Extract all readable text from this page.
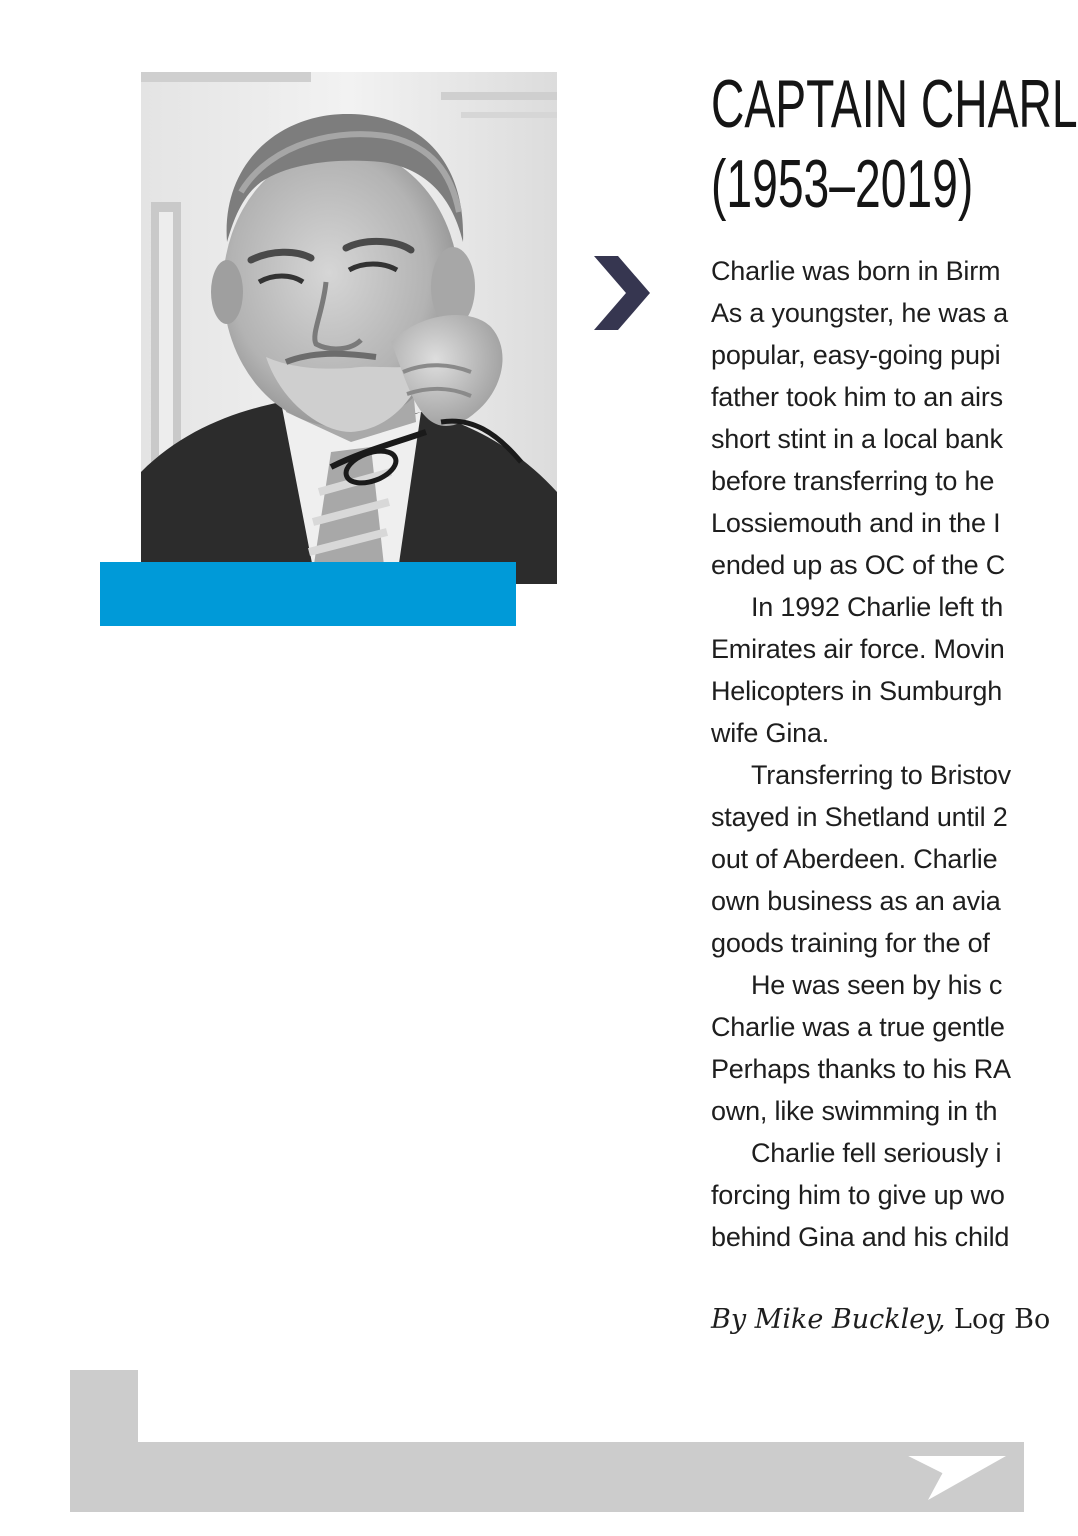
CAPTAIN CHARL
(1953–2019)
Charlie was born in Birm
As a youngster, he was a
popular, easy-going pupi
father took him to an airs
short stint in a local bank
before transferring to he
Lossiemouth and in the I
ended up as OC of the C
In 1992 Charlie left th
Emirates air force. Movin
Helicopters in Sumburgh
wife Gina.
Transferring to Bristov
stayed in Shetland until 2
out of Aberdeen. Charlie
own business as an avia
goods training for the of
He was seen by his c
Charlie was a true gentle
Perhaps thanks to his RA
own, like swimming in th
Charlie fell seriously i
forcing him to give up wo
behind Gina and his child
By Mike Buckley, Log Bo
